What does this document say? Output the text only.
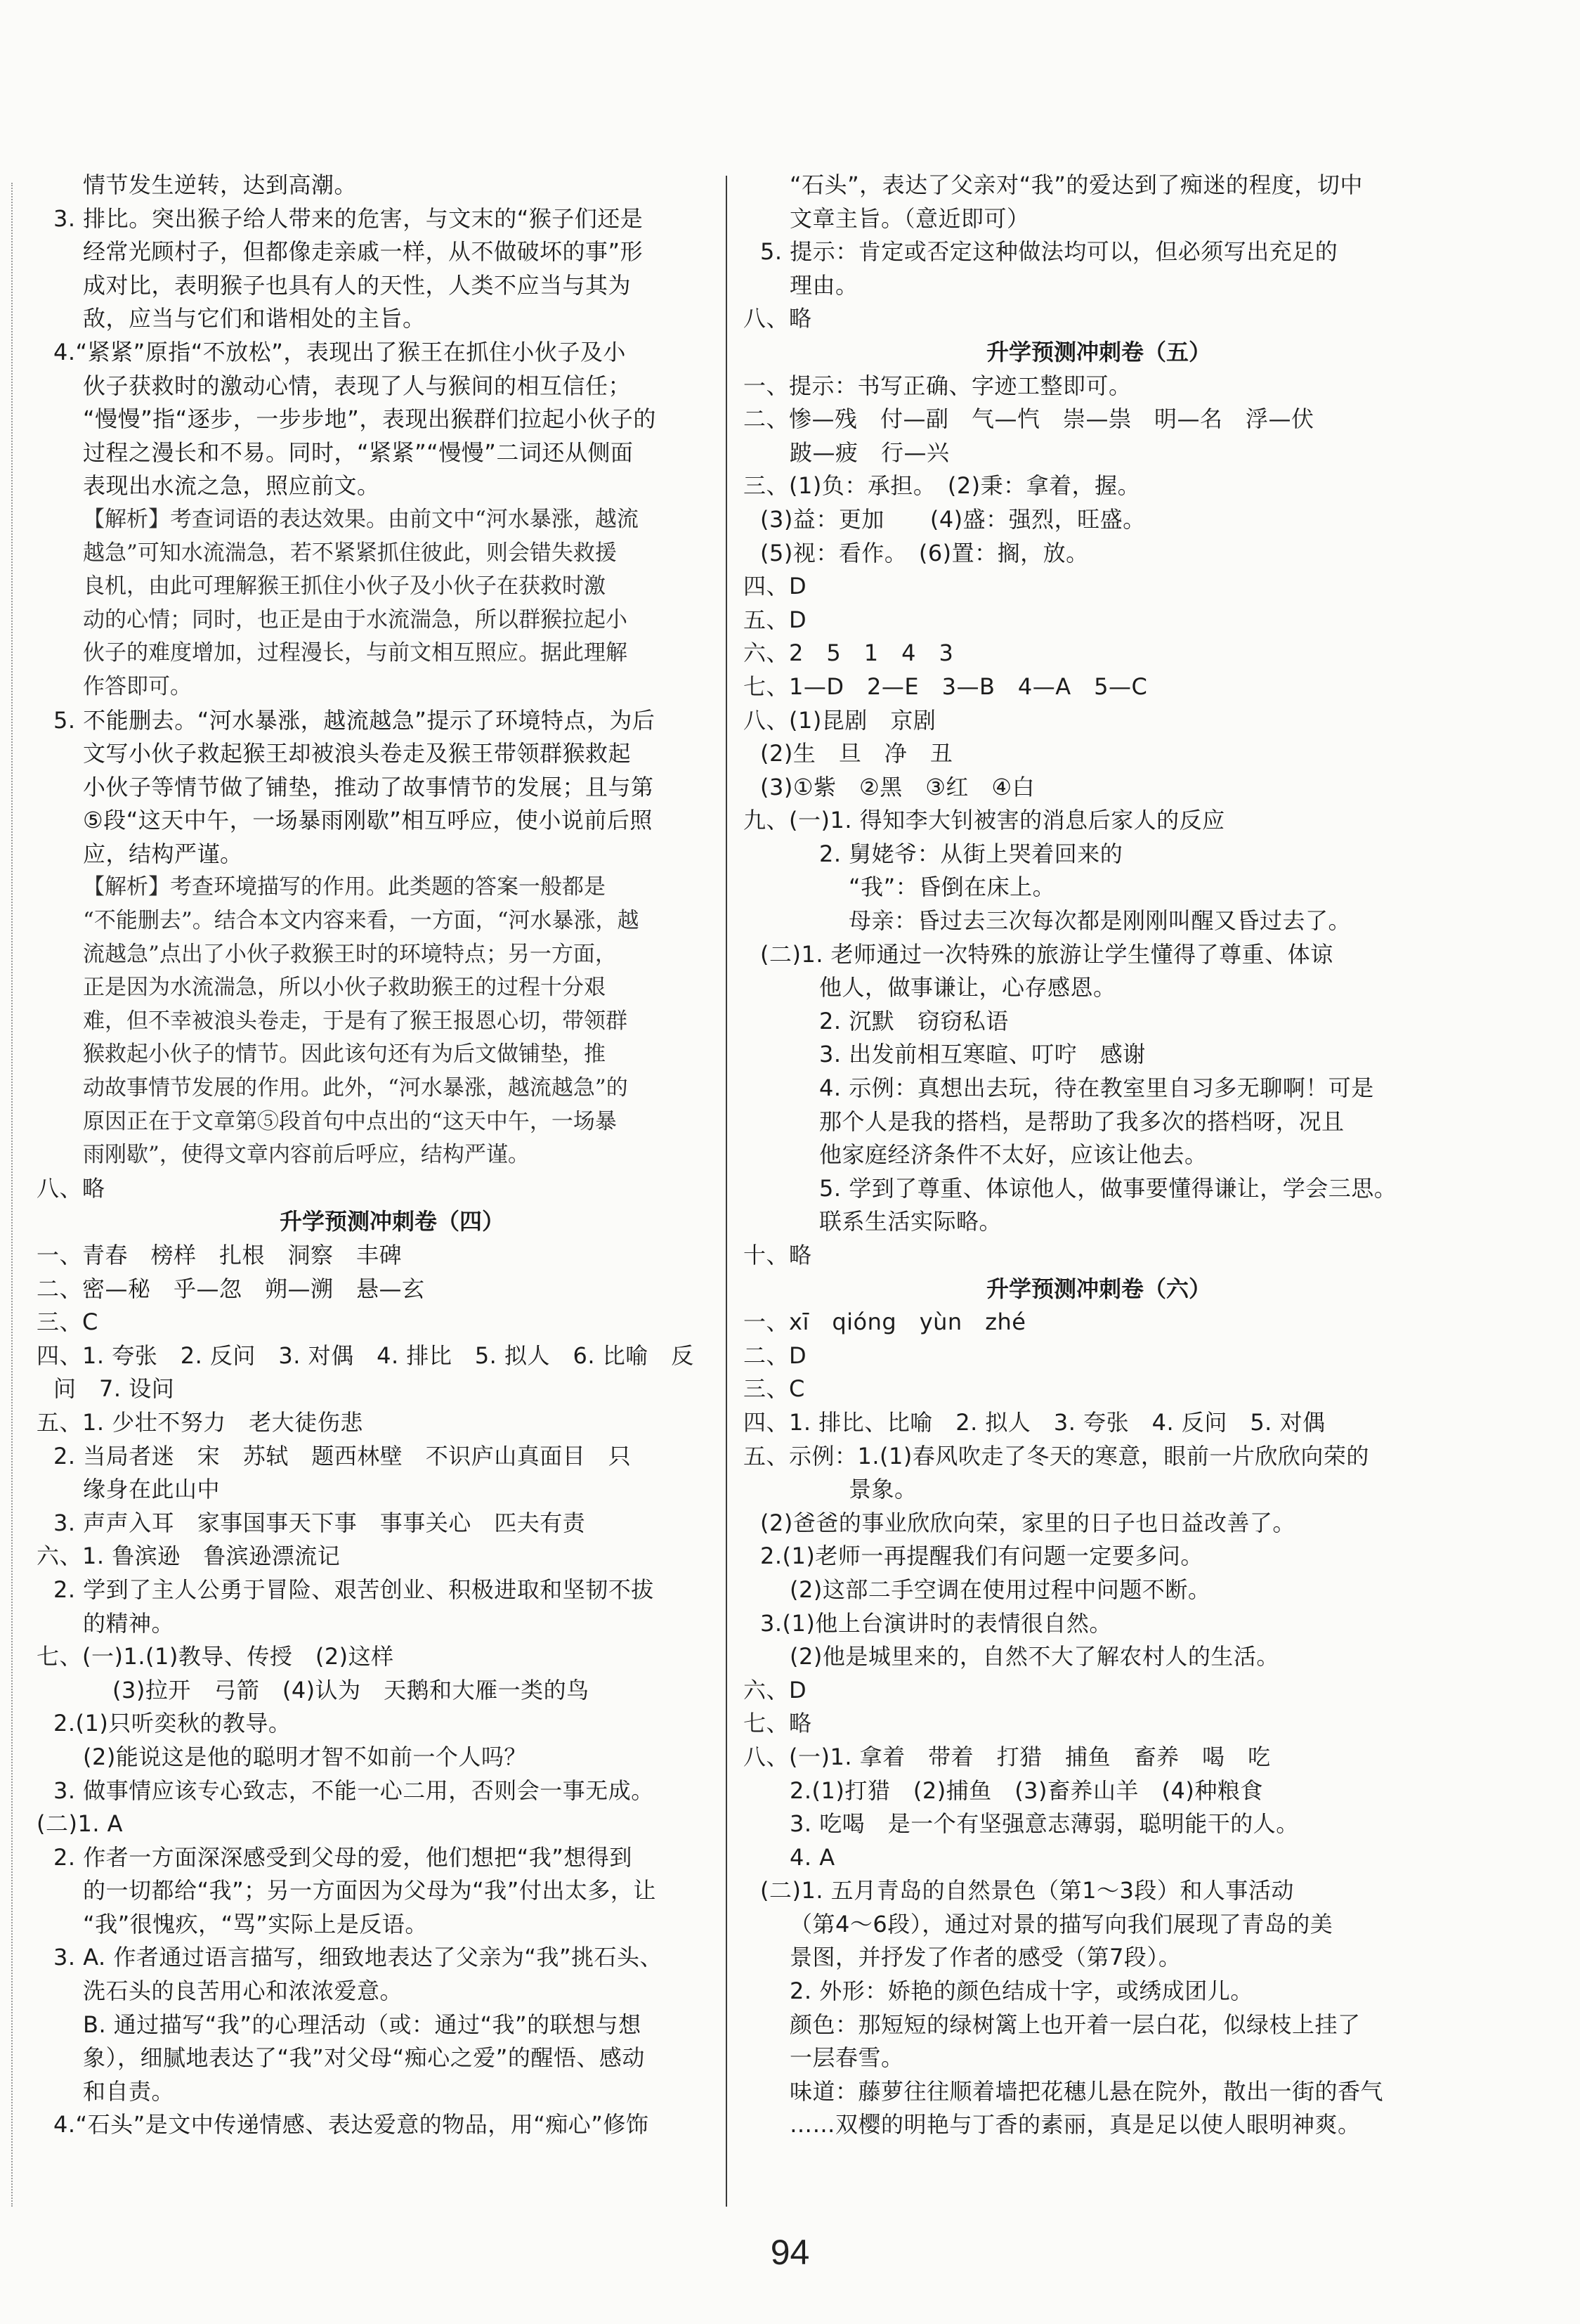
情节发生逆转，达到高潮。
3. 排比。突出猴子给人带来的危害，与文末的“猴子们还是
经常光顾村子，但都像走亲戚一样，从不做破坏的事”形
成对比，表明猴子也具有人的天性，人类不应当与其为
敌，应当与它们和谐相处的主旨。
4.“紧紧”原指“不放松”，表现出了猴王在抓住小伙子及小
伙子获救时的激动心情，表现了人与猴间的相互信任；
“慢慢”指“逐步，一步步地”，表现出猴群们拉起小伙子的
过程之漫长和不易。同时，“紧紧”“慢慢”二词还从侧面
表现出水流之急，照应前文。
【解析】考查词语的表达效果。由前文中“河水暴涨，越流
越急”可知水流湍急，若不紧紧抓住彼此，则会错失救援
良机，由此可理解猴王抓住小伙子及小伙子在获救时激
动的心情；同时，也正是由于水流湍急，所以群猴拉起小
伙子的难度增加，过程漫长，与前文相互照应。据此理解
作答即可。
5. 不能删去。“河水暴涨，越流越急”提示了环境特点，为后
文写小伙子救起猴王却被浪头卷走及猴王带领群猴救起
小伙子等情节做了铺垫，推动了故事情节的发展；且与第
⑤段“这天中午，一场暴雨刚歇”相互呼应，使小说前后照
应，结构严谨。
【解析】考查环境描写的作用。此类题的答案一般都是
“不能删去”。结合本文内容来看，一方面，“河水暴涨，越
流越急”点出了小伙子救猴王时的环境特点；另一方面，
正是因为水流湍急，所以小伙子救助猴王的过程十分艰
难，但不幸被浪头卷走，于是有了猴王报恩心切，带领群
猴救起小伙子的情节。因此该句还有为后文做铺垫，推
动故事情节发展的作用。此外，“河水暴涨，越流越急”的
原因正在于文章第⑤段首句中点出的“这天中午，一场暴
雨刚歇”，使得文章内容前后呼应，结构严谨。
八、略
升学预测冲刺卷（四）
一、青春　榜样　扎根　洞察　丰碑
二、密—秘　乎—忽　朔—溯　悬—玄
三、C
四、1. 夸张　2. 反问　3. 对偶　4. 排比　5. 拟人　6. 比喻　反
问　7. 设问
五、1. 少壮不努力　老大徒伤悲
2. 当局者迷　宋　苏轼　题西林壁　不识庐山真面目　只
缘身在此山中
3. 声声入耳　家事国事天下事　事事关心　匹夫有责
六、1. 鲁滨逊　鲁滨逊漂流记
2. 学到了主人公勇于冒险、艰苦创业、积极进取和坚韧不拔
的精神。
七、(一)1.(1)教导、传授　(2)这样
(3)拉开　弓箭　(4)认为　天鹅和大雁一类的鸟
2.(1)只听奕秋的教导。
(2)能说这是他的聪明才智不如前一个人吗？
3. 做事情应该专心致志，不能一心二用，否则会一事无成。
(二)1. A
2. 作者一方面深深感受到父母的爱，他们想把“我”想得到
的一切都给“我”；另一方面因为父母为“我”付出太多，让
“我”很愧疚，“骂”实际上是反语。
3. A. 作者通过语言描写，细致地表达了父亲为“我”挑石头、
洗石头的良苦用心和浓浓爱意。
B. 通过描写“我”的心理活动（或：通过“我”的联想与想
象），细腻地表达了“我”对父母“痴心之爱”的醒悟、感动
和自责。
4.“石头”是文中传递情感、表达爱意的物品，用“痴心”修饰
“石头”，表达了父亲对“我”的爱达到了痴迷的程度，切中
文章主旨。（意近即可）
5. 提示：肯定或否定这种做法均可以，但必须写出充足的
理由。
八、略
升学预测冲刺卷（五）
一、提示：书写正确、字迹工整即可。
二、惨—残　付—副　气—忾　崇—祟　明—名　浮—伏
跛—疲　行—兴
三、(1)负：承担。　(2)秉：拿着，握。
(3)益：更加　　(4)盛：强烈，旺盛。
(5)视：看作。　(6)置：搁，放。
四、D
五、D
六、2　5　1　4　3
七、1—D　2—E　3—B　4—A　5—C
八、(1)昆剧　京剧
(2)生　旦　净　丑
(3)①紫　②黑　③红　④白
九、(一)1. 得知李大钊被害的消息后家人的反应
2. 舅姥爷：从街上哭着回来的
“我”：昏倒在床上。
母亲：昏过去三次每次都是刚刚叫醒又昏过去了。
(二)1. 老师通过一次特殊的旅游让学生懂得了尊重、体谅
他人，做事谦让，心存感恩。
2. 沉默　窃窃私语
3. 出发前相互寒暄、叮咛　感谢
4. 示例：真想出去玩，待在教室里自习多无聊啊！可是
那个人是我的搭档，是帮助了我多次的搭档呀，况且
他家庭经济条件不太好，应该让他去。
5. 学到了尊重、体谅他人，做事要懂得谦让，学会三思。
联系生活实际略。
十、略
升学预测冲刺卷（六）
一、xī　qióng　yùn　zhé
二、D
三、C
四、1. 排比、比喻　2. 拟人　3. 夸张　4. 反问　5. 对偶
五、示例：1.(1)春风吹走了冬天的寒意，眼前一片欣欣向荣的
景象。
(2)爸爸的事业欣欣向荣，家里的日子也日益改善了。
2.(1)老师一再提醒我们有问题一定要多问。
(2)这部二手空调在使用过程中问题不断。
3.(1)他上台演讲时的表情很自然。
(2)他是城里来的，自然不大了解农村人的生活。
六、D
七、略
八、(一)1. 拿着　带着　打猎　捕鱼　畜养　喝　吃
2.(1)打猎　(2)捕鱼　(3)畜养山羊　(4)种粮食
3. 吃喝　是一个有坚强意志薄弱，聪明能干的人。
4. A
(二)1. 五月青岛的自然景色（第1～3段）和人事活动
（第4～6段），通过对景的描写向我们展现了青岛的美
景图，并抒发了作者的感受（第7段）。
2. 外形：娇艳的颜色结成十字，或绣成团儿。
颜色：那短短的绿树篱上也开着一层白花，似绿枝上挂了
一层春雪。
味道：藤萝往往顺着墙把花穗儿悬在院外，散出一街的香气
……双樱的明艳与丁香的素丽，真是足以使人眼明神爽。
94
